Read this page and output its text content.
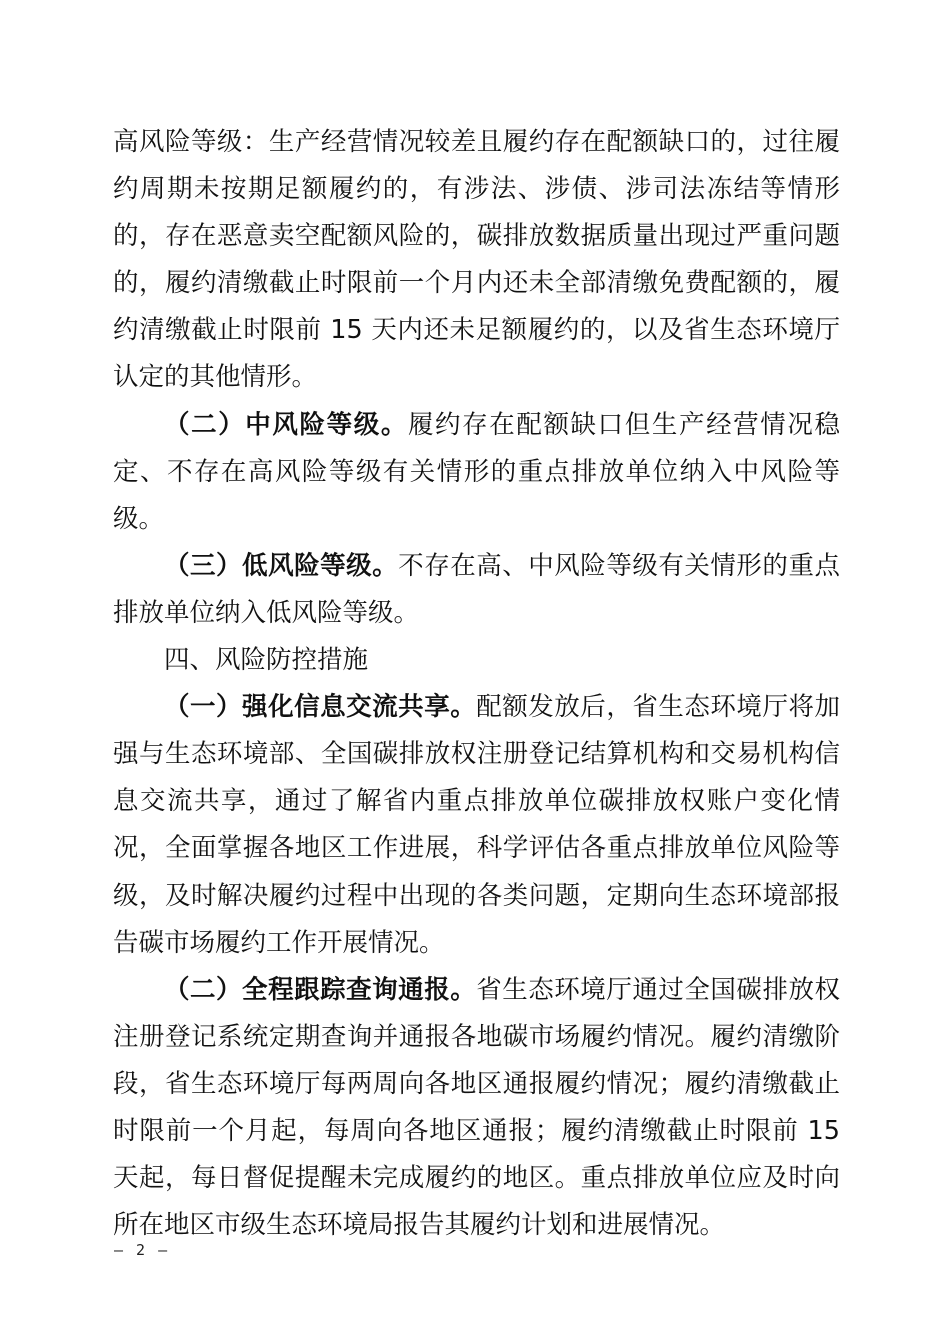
高风险等级：生产经营情况较差且履约存在配额缺口的，过往履约周期未按期足额履约的，有涉法、涉债、涉司法冻结等情形的，存在恶意卖空配额风险的，碳排放数据质量出现过严重问题的，履约清缴截止时限前一个月内还未全部清缴免费配额的，履约清缴截止时限前 15 天内还未足额履约的，以及省生态环境厅认定的其他情形。

（二）中风险等级。履约存在配额缺口但生产经营情况稳定、不存在高风险等级有关情形的重点排放单位纳入中风险等级。

（三）低风险等级。不存在高、中风险等级有关情形的重点排放单位纳入低风险等级。

四、风险防控措施

（一）强化信息交流共享。配额发放后，省生态环境厅将加强与生态环境部、全国碳排放权注册登记结算机构和交易机构信息交流共享，通过了解省内重点排放单位碳排放权账户变化情况，全面掌握各地区工作进展，科学评估各重点排放单位风险等级，及时解决履约过程中出现的各类问题，定期向生态环境部报告碳市场履约工作开展情况。

（二）全程跟踪查询通报。省生态环境厅通过全国碳排放权注册登记系统定期查询并通报各地碳市场履约情况。履约清缴阶段，省生态环境厅每两周向各地区通报履约情况；履约清缴截止时限前一个月起，每周向各地区通报；履约清缴截止时限前 15 天起，每日督促提醒未完成履约的地区。重点排放单位应及时向所在地区市级生态环境局报告其履约计划和进展情况。

— 2 —
